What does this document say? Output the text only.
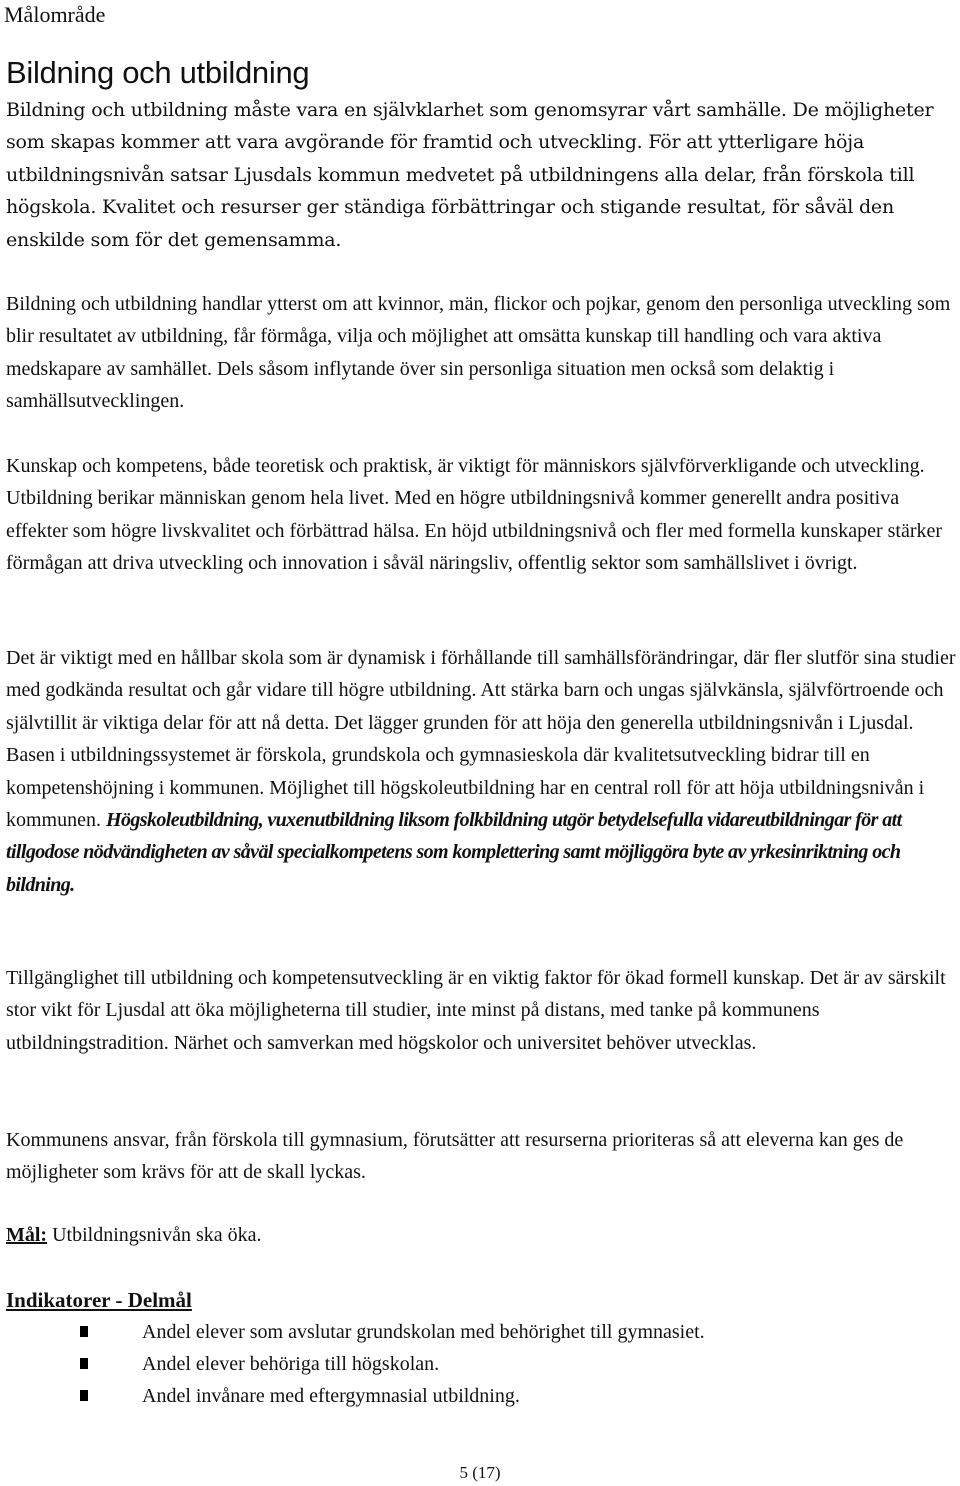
Målområde
Bildning och utbildning

Bildning och utbildning måste vara en självklarhet som genomsyrar vårt samhälle. De möjligheter som skapas kommer att vara avgörande för framtid och utveckling. För att ytterligare höja utbildningsnivån satsar Ljusdals kommun medvetet på utbildningens alla delar, från förskola till högskola. Kvalitet och resurser ger ständiga förbättringar och stigande resultat, för såväl den enskilde som för det gemensamma.

Bildning och utbildning handlar ytterst om att kvinnor, män, flickor och pojkar, genom den personliga utveckling som blir resultatet av utbildning, får förmåga, vilja och möjlighet att omsätta kunskap till handling och vara aktiva medskapare av samhället. Dels såsom inflytande över sin personliga situation men också som delaktig i samhällsutvecklingen.

Kunskap och kompetens, både teoretisk och praktisk, är viktigt för människors självförverkligande och utveckling. Utbildning berikar människan genom hela livet. Med en högre utbildningsnivå kommer generellt andra positiva effekter som högre livskvalitet och förbättrad hälsa. En höjd utbildningsnivå och fler med formella kunskaper stärker förmågan att driva utveckling och innovation i såväl näringsliv, offentlig sektor som samhällslivet i övrigt.

Det är viktigt med en hållbar skola som är dynamisk i förhållande till samhällsförändringar, där fler slutför sina studier med godkända resultat och går vidare till högre utbildning. Att stärka barn och ungas självkänsla, självförtroende och självtillit är viktiga delar för att nå detta. Det lägger grunden för att höja den generella utbildningsnivån i Ljusdal. Basen i utbildningssystemet är förskola, grundskola och gymnasieskola där kvalitetsutveckling bidrar till en kompetenshöjning i kommunen. Möjlighet till högskoleutbildning har en central roll för att höja utbildningsnivån i kommunen. Högskoleutbildning, vuxenutbildning liksom folkbildning utgör betydelsefulla vidareutbildningar för att tillgodose nödvändigheten av såväl specialkompetens som komplettering samt möjliggöra byte av yrkesinriktning och bildning.

Tillgänglighet till utbildning och kompetensutveckling är en viktig faktor för ökad formell kunskap. Det är av särskilt stor vikt för Ljusdal att öka möjligheterna till studier, inte minst på distans, med tanke på kommunens utbildningstradition. Närhet och samverkan med högskolor och universitet behöver utvecklas.

Kommunens ansvar, från förskola till gymnasium, förutsätter att resurserna prioriteras så att eleverna kan ges de möjligheter som krävs för att de skall lyckas.

Mål: Utbildningsnivån ska öka.
Indikatorer - Delmål
Andel elever som avslutar grundskolan med behörighet till gymnasiet.
Andel elever behöriga till högskolan.
Andel invånare med eftergymnasial utbildning.
5 (17)
